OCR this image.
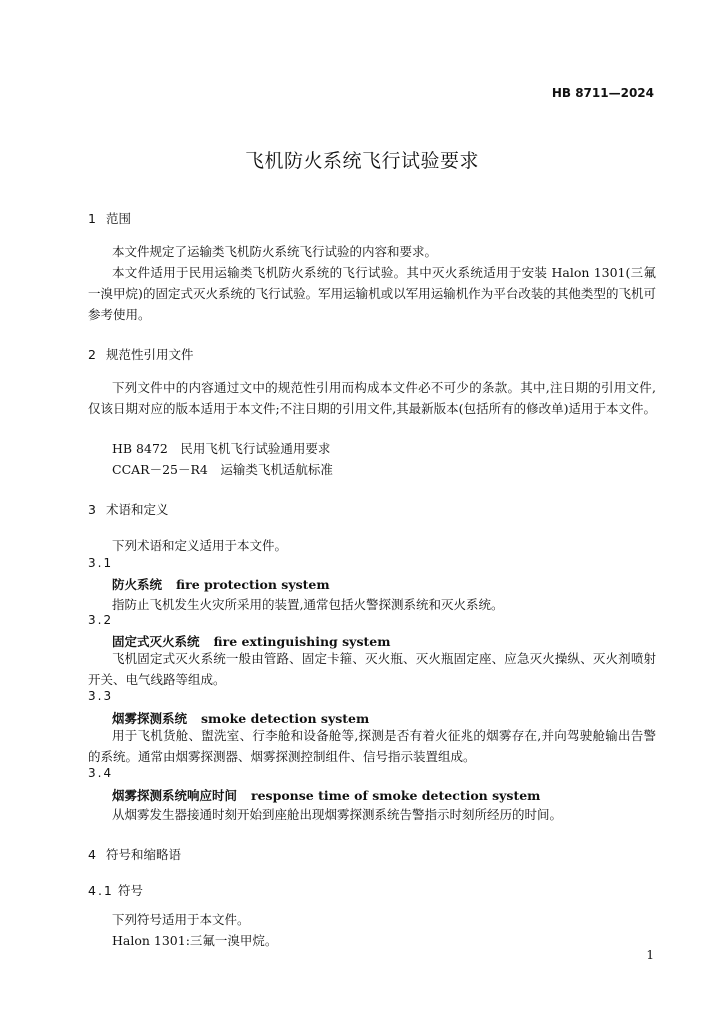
HB 8711—2024
飞机防火系统飞行试验要求
1 范围

本文件规定了运输类飞机防火系统飞行试验的内容和要求。

本文件适用于民用运输类飞机防火系统的飞行试验。其中灭火系统适用于安装 Halon 1301(三氟一溴甲烷)的固定式灭火系统的飞行试验。军用运输机或以军用运输机作为平台改装的其他类型的飞机可参考使用。

2 规范性引用文件

下列文件中的内容通过文中的规范性引用而构成本文件必不可少的条款。其中,注日期的引用文件,仅该日期对应的版本适用于本文件;不注日期的引用文件,其最新版本(包括所有的修改单)适用于本文件。

HB 8472　民用飞机飞行试验通用要求
CCAR－25－R4　运输类飞机适航标准
3 术语和定义
下列术语和定义适用于本文件。
3.1
防火系统 fire protection system
指防止飞机发生火灾所采用的装置,通常包括火警探测系统和灭火系统。
3.2
固定式灭火系统 fire extinguishing system

飞机固定式灭火系统一般由管路、固定卡箍、灭火瓶、灭火瓶固定座、应急灭火操纵、灭火剂喷射开关、电气线路等组成。

3.3
烟雾探测系统 smoke detection system

用于飞机货舱、盥洗室、行李舱和设备舱等,探测是否有着火征兆的烟雾存在,并向驾驶舱输出告警的系统。通常由烟雾探测器、烟雾探测控制组件、信号指示装置组成。

3.4
烟雾探测系统响应时间 response time of smoke detection system
从烟雾发生器接通时刻开始到座舱出现烟雾探测系统告警指示时刻所经历的时间。
4 符号和缩略语
4.1 符号
下列符号适用于本文件。
Halon 1301:三氟一溴甲烷。
1
